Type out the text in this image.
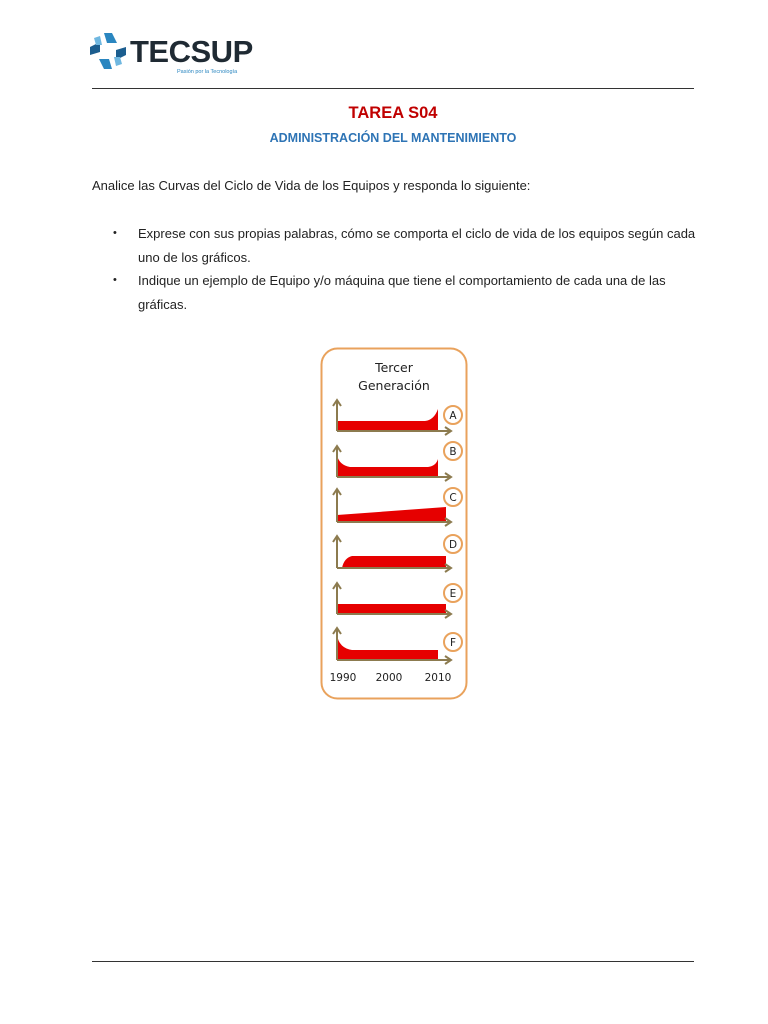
TECSUP
Pasión por la Tecnología
TAREA S04
ADMINISTRACIÓN DEL MANTENIMIENTO
Analice las Curvas del Ciclo de Vida de los Equipos y responda lo siguiente:
• Exprese con sus propias palabras, cómo se comporta el ciclo de vida de los equipos según cada uno de los gráficos.
• Indique un ejemplo de Equipo y/o máquina que tiene el comportamiento de cada una de las gráficas.
Tercer
Generación
A
B
C
D
E
F
1990 2000 2010
